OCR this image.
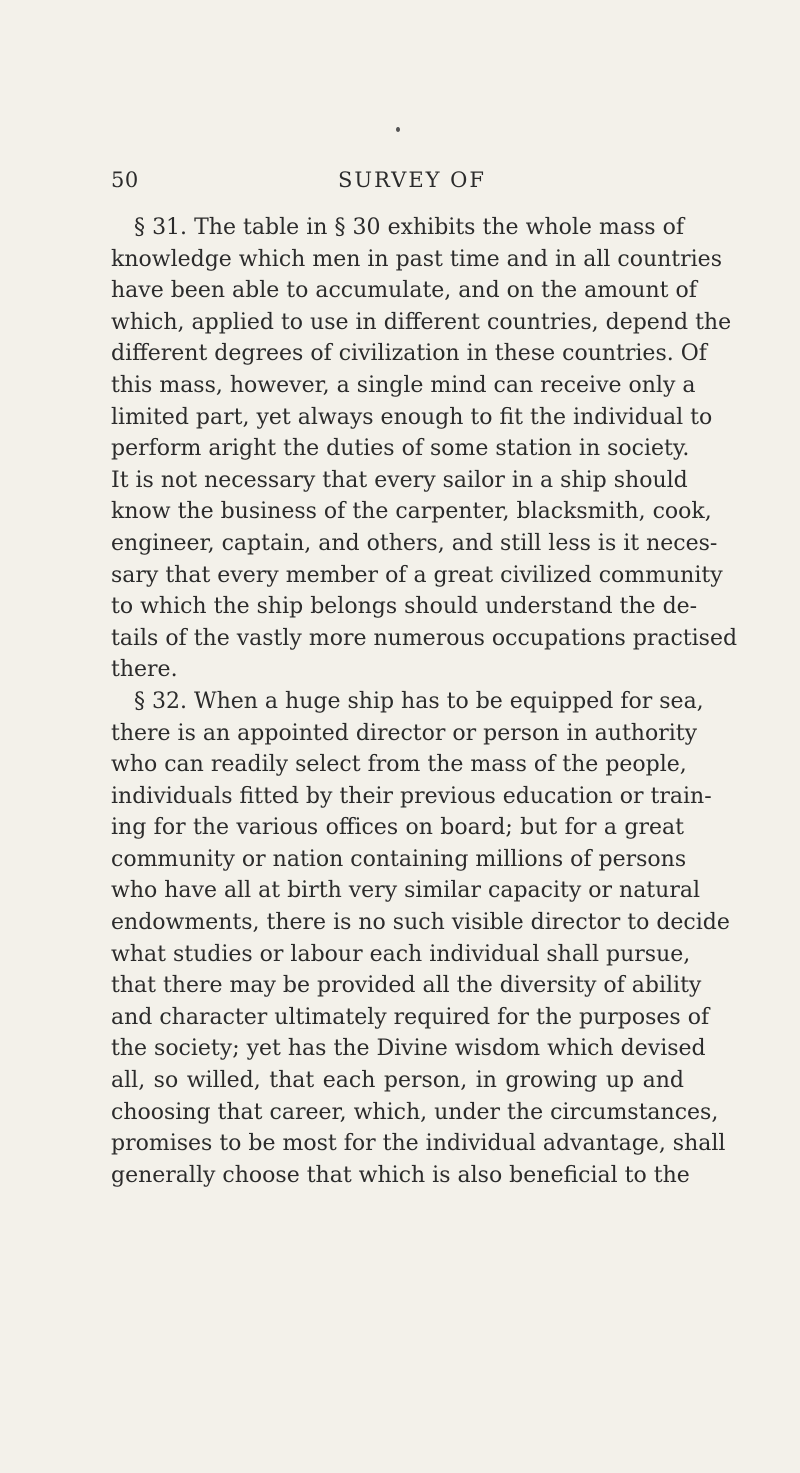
50	SURVEY OF
§ 31. The table in § 30 exhibits the whole mass of
knowledge which men in past time and in all countries
have been able to accumulate, and on the amount of
which, applied to use in different countries, depend the
different degrees of civilization in these countries. Of
this mass, however, a single mind can receive only a
limited part, yet always enough to fit the individual to
perform aright the duties of some station in society.
It is not necessary that every sailor in a ship should
know the business of the carpenter, blacksmith, cook,
engineer, captain, and others, and still less is it neces-
sary that every member of a great civilized community
to which the ship belongs should understand the de-
tails of the vastly more numerous occupations practised
there.
§ 32. When a huge ship has to be equipped for sea,
there is an appointed director or person in authority
who can readily select from the mass of the people,
individuals fitted by their previous education or train-
ing for the various offices on board; but for a great
community or nation containing millions of persons
who have all at birth very similar capacity or natural
endowments, there is no such visible director to decide
what studies or labour each individual shall pursue,
that there may be provided all the diversity of ability
and character ultimately required for the purposes of
the society; yet has the Divine wisdom which devised
all, so willed, that each person, in growing up and
choosing that career, which, under the circumstances,
promises to be most for the individual advantage, shall
generally choose that which is also beneficial to the
